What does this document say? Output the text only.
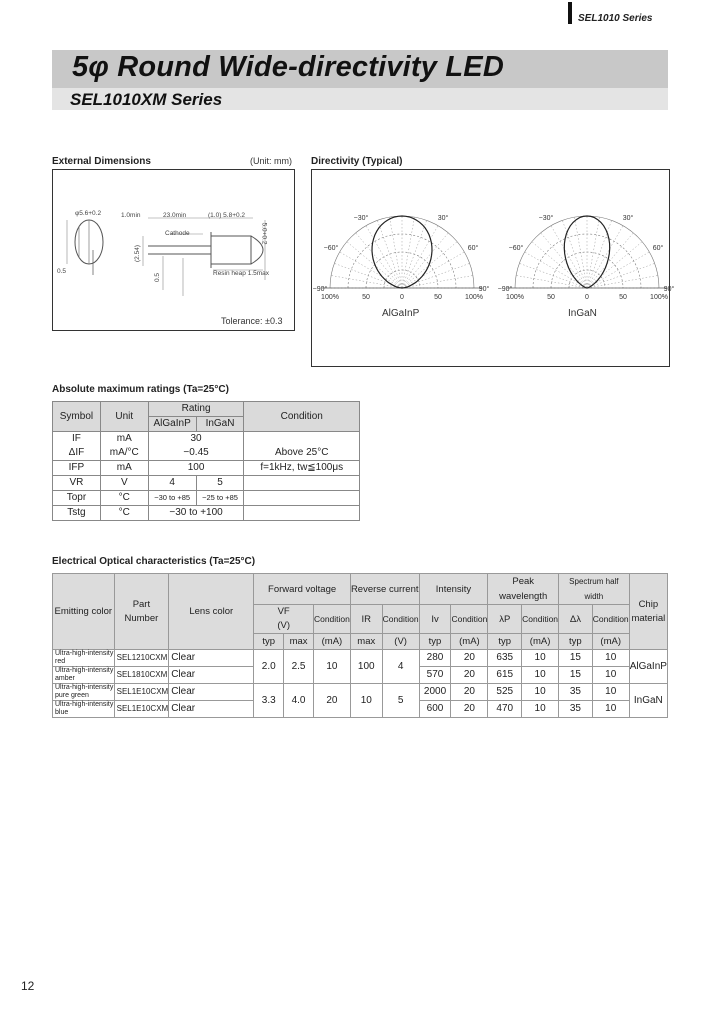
SEL1010 Series
5φ Round Wide-directivity LED
SEL1010XM Series
External Dimensions	(Unit: mm)
φ5.6+0.2	1.0min	23.0min	(1.0) 5.8+0.2
Cathode
(2.54)
0.5	Resin heap 1.5max
5.0+0.2
0.5
Tolerance: ±0.3
Directivity (Typical)
−30°	30°
−60°	60°
−90°	90°
100%	50	0	50	100%
−30°	30°
−60°	60°
−90°	90°
100%	50	0	50	100%
AlGaInP	InGaN
Absolute maximum ratings (Ta=25°C)
Symbol	Unit	Rating		Condition
		AlGaInP	InGaN	
IF	mA	30		
ΔIF	mA/°C	−0.45		Above 25°C
IFP	mA	100		f=1kHz, tw≦100μs
VR	V	4	5	
Topr	°C	−30 to +85	−25 to +85	
Tstg	°C	−30 to +100		
Electrical Optical characteristics (Ta=25°C)
Emitting color	Part Number	Lens color	Forward voltage			Reverse current		Intensity		Peak wavelength		Spectrum half width		Chip material

			VF
(V)		Condition	IR	Condition	Iv	Condition	λP	Condition	Δλ	Condition	
			typ	max	(mA)	max	(V)	typ	(mA)	typ	(mA)	typ	(mA)	
Ultra-high-intensity red	SEL1210CXM	Clear	2.0	2.5	10	100	4	280	20	635	10	15	10	AlGaInP
Ultra-high-intensity amber	SEL1810CXM	Clear						570	20	615	10	15	10	
Ultra-high-intensity pure green	SEL1E10CXM	Clear	3.3	4.0	20	10	5	2000	20	525	10	35	10	InGaN
Ultra-high-intensity blue	SEL1E10CXM	Clear						600	20	470	10	35	10	
12
